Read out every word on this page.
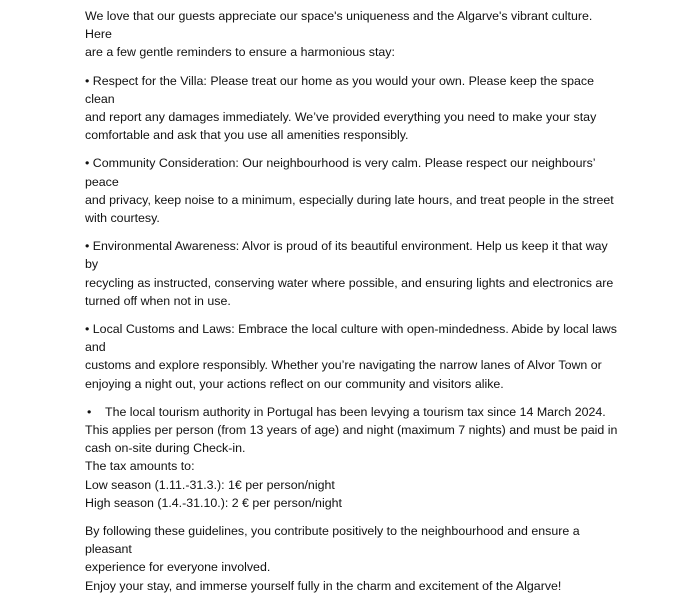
We love that our guests appreciate our space's uniqueness and the Algarve's vibrant culture. Here
are a few gentle reminders to ensure a harmonious stay:

• Respect for the Villa: Please treat our home as you would your own. Please keep the space clean
and report any damages immediately. We’ve provided everything you need to make your stay
comfortable and ask that you use all amenities responsibly.

• Community Consideration: Our neighbourhood is very calm. Please respect our neighbours’ peace
and privacy, keep noise to a minimum, especially during late hours, and treat people in the street
with courtesy.

• Environmental Awareness: Alvor is proud of its beautiful environment. Help us keep it that way by
recycling as instructed, conserving water where possible, and ensuring lights and electronics are
turned off when not in use.

• Local Customs and Laws: Embrace the local culture with open-mindedness. Abide by local laws and
customs and explore responsibly. Whether you’re navigating the narrow lanes of Alvor Town or
enjoying a night out, your actions reflect on our community and visitors alike.

• The local tourism authority in Portugal has been levying a tourism tax since 14 March 2024.
This applies per person (from 13 years of age) and night (maximum 7 nights) and must be paid in
cash on-site during Check-in.
The tax amounts to:
Low season (1.11.-31.3.): 1€ per person/night
High season (1.4.-31.10.): 2 € per person/night

By following these guidelines, you contribute positively to the neighbourhood and ensure a pleasant
experience for everyone involved.
Enjoy your stay, and immerse yourself fully in the charm and excitement of the Algarve!
